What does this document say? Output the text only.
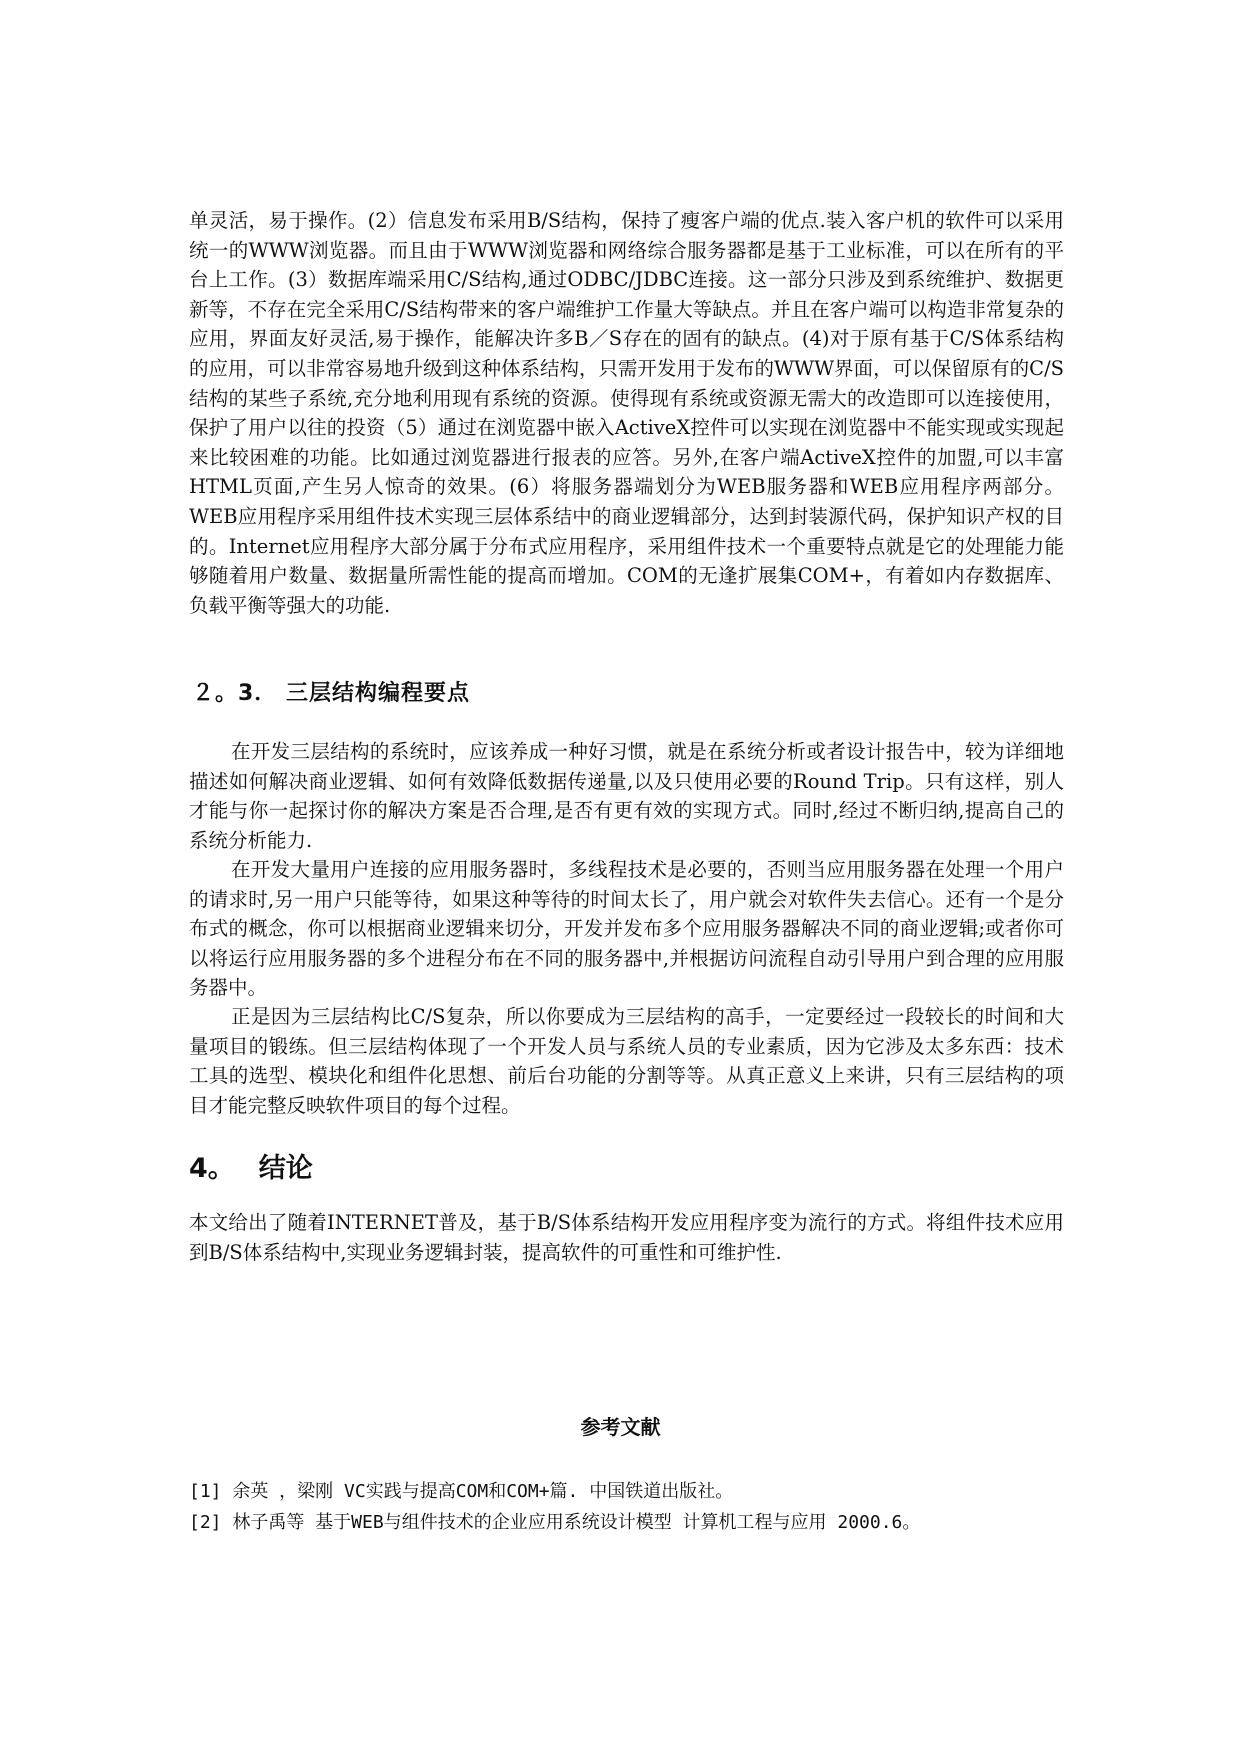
单灵活，易于操作。(2）信息发布采用B/S结构，保持了瘦客户端的优点.装入客户机的软件可以采用统一的WWW浏览器。而且由于WWW浏览器和网络综合服务器都是基于工业标准，可以在所有的平台上工作。(3）数据库端采用C/S结构,通过ODBC/JDBC连接。这一部分只涉及到系统维护、数据更新等，不存在完全采用C/S结构带来的客户端维护工作量大等缺点。并且在客户端可以构造非常复杂的应用，界面友好灵活,易于操作，能解决许多B／S存在的固有的缺点。(4)对于原有基于C/S体系结构的应用，可以非常容易地升级到这种体系结构，只需开发用于发布的WWW界面，可以保留原有的C/S结构的某些子系统,充分地利用现有系统的资源。使得现有系统或资源无需大的改造即可以连接使用，保护了用户以往的投资（5）通过在浏览器中嵌入ActiveX控件可以实现在浏览器中不能实现或实现起来比较困难的功能。比如通过浏览器进行报表的应答。另外,在客户端ActiveX控件的加盟,可以丰富HTML页面,产生另人惊奇的效果。(6）将服务器端划分为WEB服务器和WEB应用程序两部分。WEB应用程序采用组件技术实现三层体系结中的商业逻辑部分，达到封装源代码，保护知识产权的目的。Internet应用程序大部分属于分布式应用程序，采用组件技术一个重要特点就是它的处理能力能够随着用户数量、数据量所需性能的提高而增加。COM的无逢扩展集COM+，有着如内存数据库、负载平衡等强大的功能.
２。3． 三层结构编程要点
在开发三层结构的系统时，应该养成一种好习惯，就是在系统分析或者设计报告中，较为详细地描述如何解决商业逻辑、如何有效降低数据传递量,以及只使用必要的Round Trip。只有这样，别人才能与你一起探讨你的解决方案是否合理,是否有更有效的实现方式。同时,经过不断归纳,提高自己的系统分析能力.
在开发大量用户连接的应用服务器时，多线程技术是必要的，否则当应用服务器在处理一个用户的请求时,另一用户只能等待，如果这种等待的时间太长了，用户就会对软件失去信心。还有一个是分布式的概念，你可以根据商业逻辑来切分，开发并发布多个应用服务器解决不同的商业逻辑;或者你可以将运行应用服务器的多个进程分布在不同的服务器中,并根据访问流程自动引导用户到合理的应用服务器中。
正是因为三层结构比C/S复杂，所以你要成为三层结构的高手，一定要经过一段较长的时间和大量项目的锻练。但三层结构体现了一个开发人员与系统人员的专业素质，因为它涉及太多东西：技术工具的选型、模块化和组件化思想、前后台功能的分割等等。从真正意义上来讲，只有三层结构的项目才能完整反映软件项目的每个过程。
4。 结论
本文给出了随着INTERNET普及，基于B/S体系结构开发应用程序变为流行的方式。将组件技术应用到B/S体系结构中,实现业务逻辑封装，提高软件的可重性和可维护性.
参考文献
[1] 余英 ，梁刚 VC实践与提高COM和COM+篇. 中国铁道出版社。
[2] 林子禹等 基于WEB与组件技术的企业应用系统设计模型 计算机工程与应用 2000.6。
